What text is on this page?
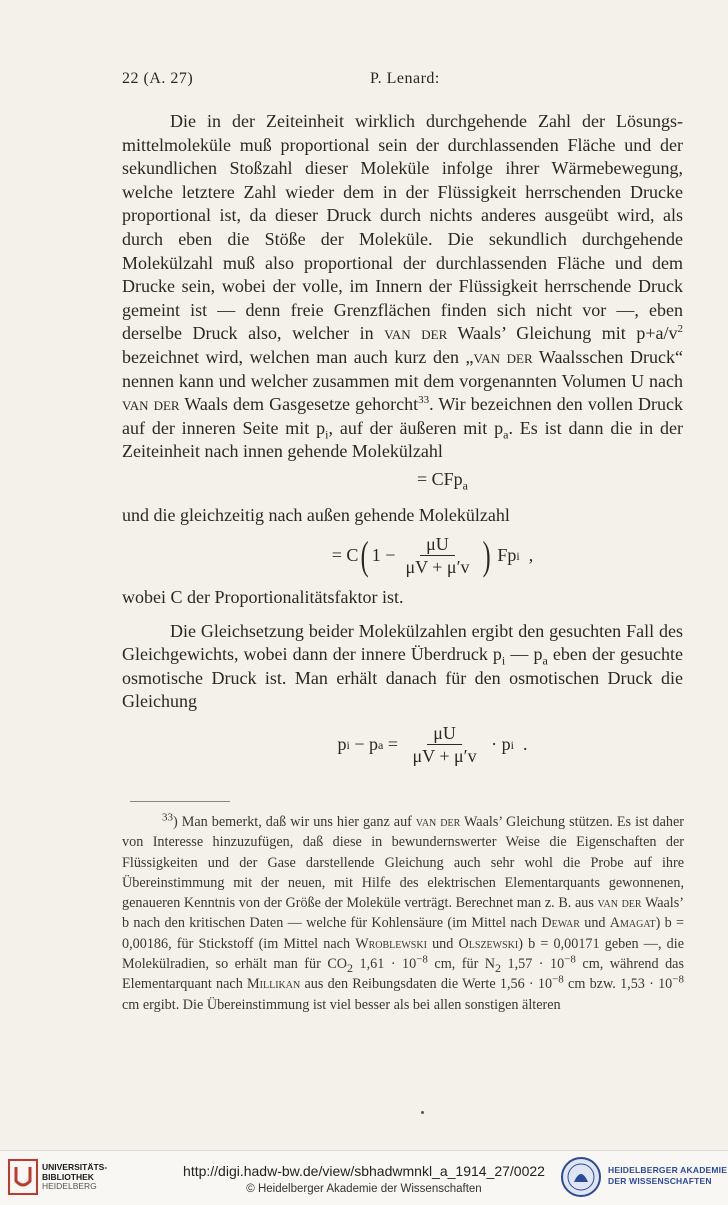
22 (A. 27)	P. Lenard:

Die in der Zeiteinheit wirklich durchgehende Zahl der Lösungsmittelmoleküle muß proportional sein der durchlassenden Fläche und der sekundlichen Stoßzahl dieser Moleküle infolge ihrer Wärmebewegung, welche letztere Zahl wieder dem in der Flüssigkeit herrschenden Drucke proportional ist, da dieser Druck durch nichts anderes ausgeübt wird, als durch eben die Stöße der Moleküle. Die sekundlich durchgehende Molekülzahl muß also proportional der durchlassenden Fläche und dem Drucke sein, wobei der volle, im Innern der Flüssigkeit herrschende Druck gemeint ist — denn freie Grenzflächen finden sich nicht vor —, eben derselbe Druck also, welcher in van der Waals’ Gleichung mit $p+a/v^2$ bezeichnet wird, welchen man auch kurz den „van der Waalsschen Druck“ nennen kann und welcher zusammen mit dem vorgenannten Volumen U nach van der Waals dem Gasgesetze gehorcht$^{33}$. Wir bezeichnen den vollen Druck auf der inneren Seite mit $p_i$, auf der äußeren mit $p_a$. Es ist dann die in der Zeiteinheit nach innen gehende Molekülzahl

= CFp$_a$

und die gleichzeitig nach außen gehende Molekülzahl

= C ( $1 - \frac{\mu U}{\mu V + \mu'v}$ ) Fp i ,

wobei C der Proportionalitätsfaktor ist.

Die Gleichsetzung beider Molekülzahlen ergibt den gesuchten Fall des Gleichgewichts, wobei dann der innere Überdruck $p_i$ — $p_a$ eben der gesuchte osmotische Druck ist. Man erhält danach für den osmotischen Druck die Gleichung

p i − p $a = \frac{\mu U}{\mu V + \mu'v} \cdot p$ i .

$^{33}$) Man bemerkt, daß wir uns hier ganz auf van der Waals’ Gleichung stützen. Es ist daher von Interesse hinzuzufügen, daß diese in bewundernswerter Weise die Eigenschaften der Flüssigkeiten und der Gase darstellende Gleichung auch sehr wohl die Probe auf ihre Übereinstimmung mit der neuen, mit Hilfe des elektrischen Elementarquants gewonnenen, genaueren Kenntnis von der Größe der Moleküle verträgt. Berechnet man z. B. aus van der Waals’ b nach den kritischen Daten — welche für Kohlensäure (im Mittel nach Dewar und Amagat) b = 0,00186, für Stickstoff (im Mittel nach Wroblewski und Olszewski) b = 0,00171 geben —, die Molekülradien, so erhält man für $CO_2$ $1,61 \cdot 10^{-8}$ cm, für $N_2$ $1,57 \cdot 10^{-8}$ cm, während das Elementarquant nach Millikan aus den Reibungsdaten die Werte $1,56 \cdot 10^{-8}$ cm bzw. $1,53 \cdot 10^{-8}$ cm ergibt. Die Übereinstimmung ist viel besser als bei allen sonstigen älteren

UNIVERSITÄTS-
BIBLIOTHEK
HEIDELBERG
http://digi.hadw-bw.de/view/sbhadwmnkl_a_1914_27/0022
© Heidelberger Akademie der Wissenschaften
HEIDELBERGER AKADEMIE
DER WISSENSCHAFTEN
